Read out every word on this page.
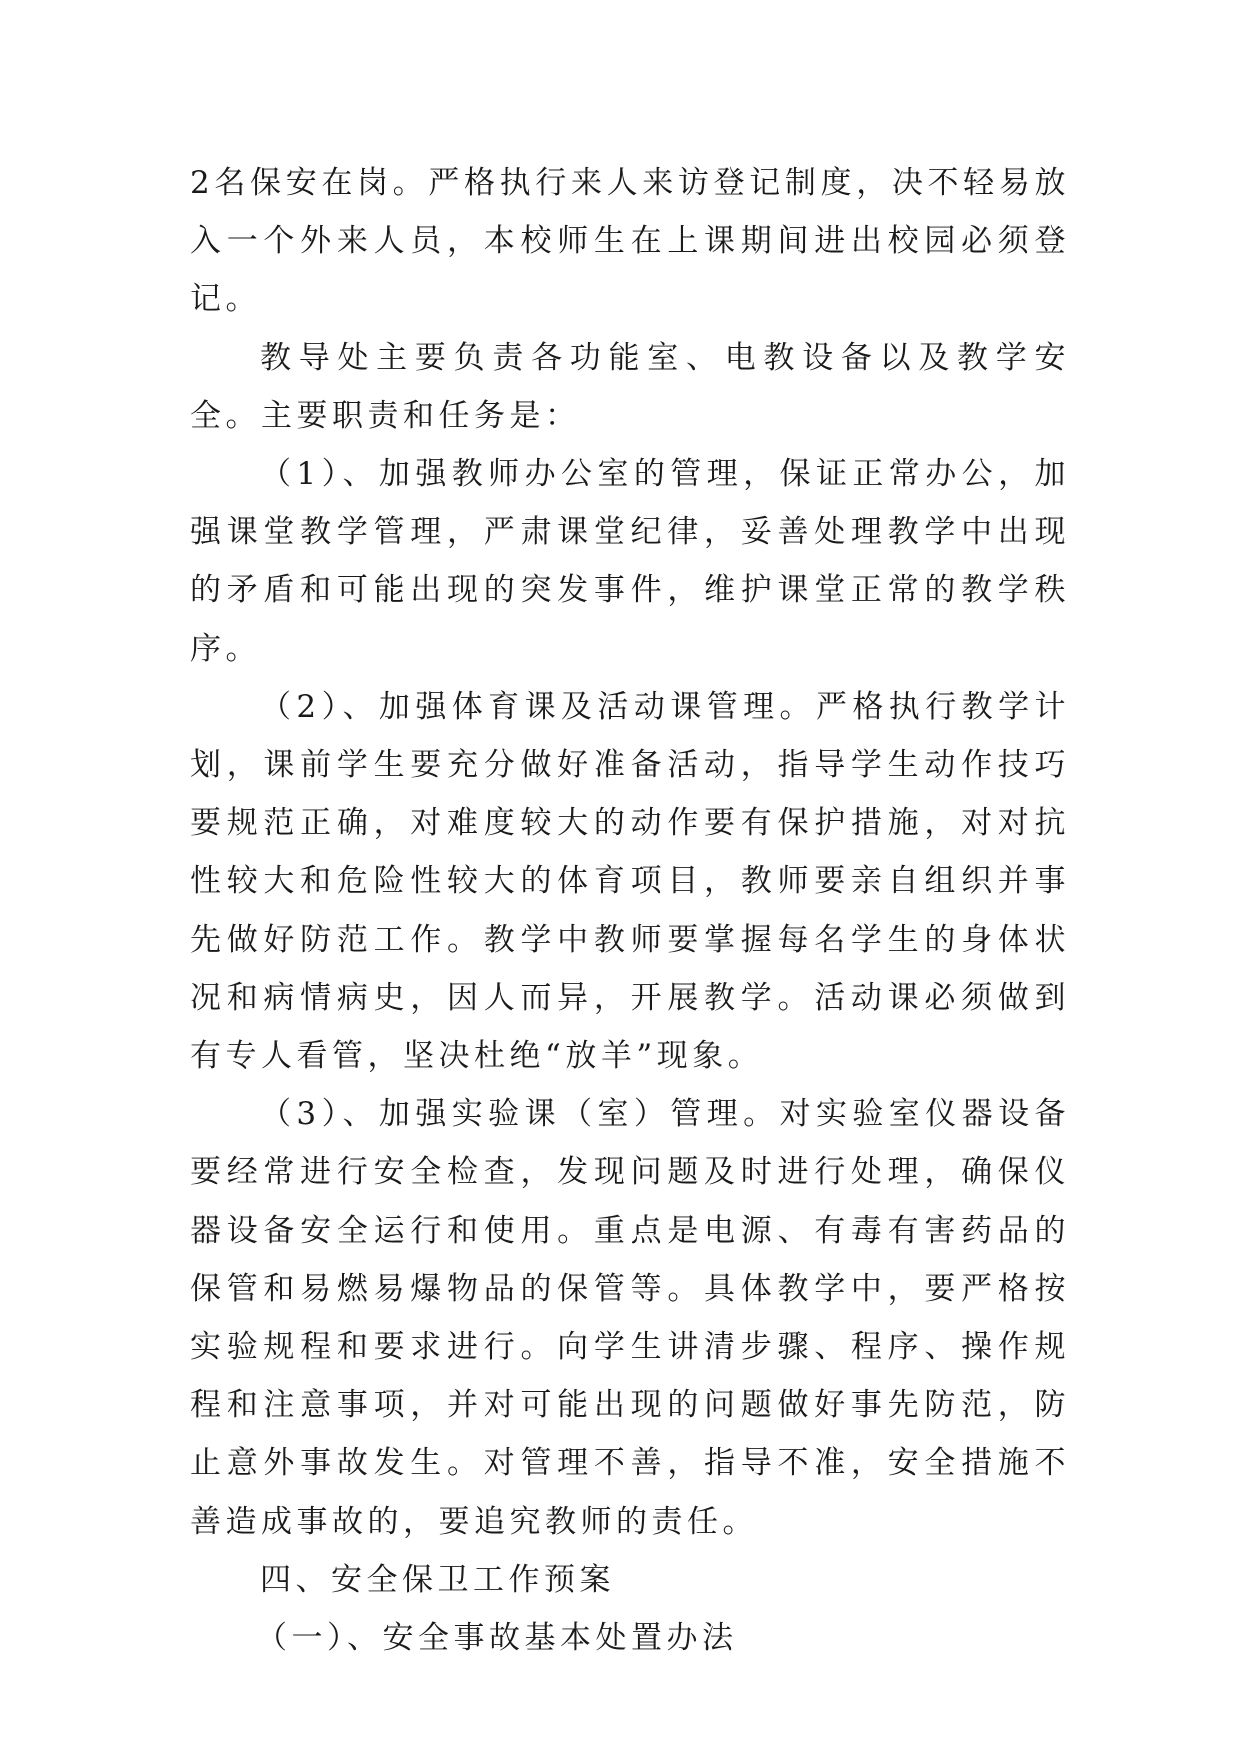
2名保安在岗。严格执行来人来访登记制度，决不轻易放入一个外来人员，本校师生在上课期间进出校园必须登记。

教导处主要负责各功能室、电教设备以及教学安全。主要职责和任务是：

（1）、加强教师办公室的管理，保证正常办公，加强课堂教学管理，严肃课堂纪律，妥善处理教学中出现的矛盾和可能出现的突发事件，维护课堂正常的教学秩序。

（2）、加强体育课及活动课管理。严格执行教学计划，课前学生要充分做好准备活动，指导学生动作技巧要规范正确，对难度较大的动作要有保护措施，对对抗性较大和危险性较大的体育项目，教师要亲自组织并事先做好防范工作。教学中教师要掌握每名学生的身体状况和病情病史，因人而异，开展教学。活动课必须做到有专人看管，坚决杜绝“放羊”现象。

（3）、加强实验课（室）管理。对实验室仪器设备要经常进行安全检查，发现问题及时进行处理，确保仪器设备安全运行和使用。重点是电源、有毒有害药品的保管和易燃易爆物品的保管等。具体教学中，要严格按实验规程和要求进行。向学生讲清步骤、程序、操作规程和注意事项，并对可能出现的问题做好事先防范，防止意外事故发生。对管理不善，指导不准，安全措施不善造成事故的，要追究教师的责任。

四、安全保卫工作预案

（一）、安全事故基本处置办法
